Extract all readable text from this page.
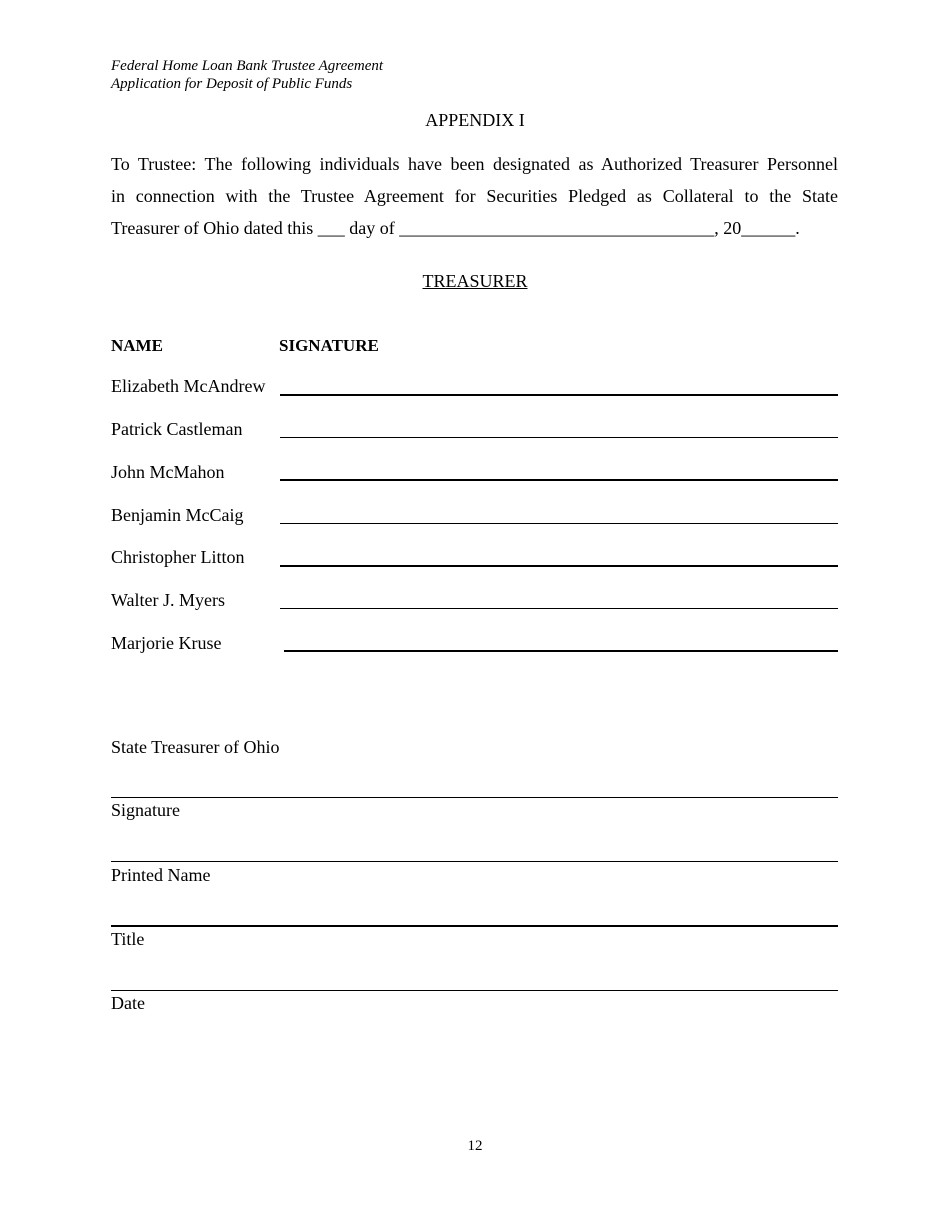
Federal Home Loan Bank Trustee Agreement
Application for Deposit of Public Funds
APPENDIX I
To Trustee: The following individuals have been designated as Authorized Treasurer Personnel
in connection with the Trustee Agreement for Securities Pledged as Collateral to the State
Treasurer of Ohio dated this ___ day of ___________________________________, 20______.
TREASURER
NAME	SIGNATURE
Elizabeth McAndrew
Patrick Castleman
John McMahon
Benjamin McCaig
Christopher Litton
Walter J. Myers
Marjorie Kruse
State Treasurer of Ohio
Signature
Printed Name
Title
Date
12
